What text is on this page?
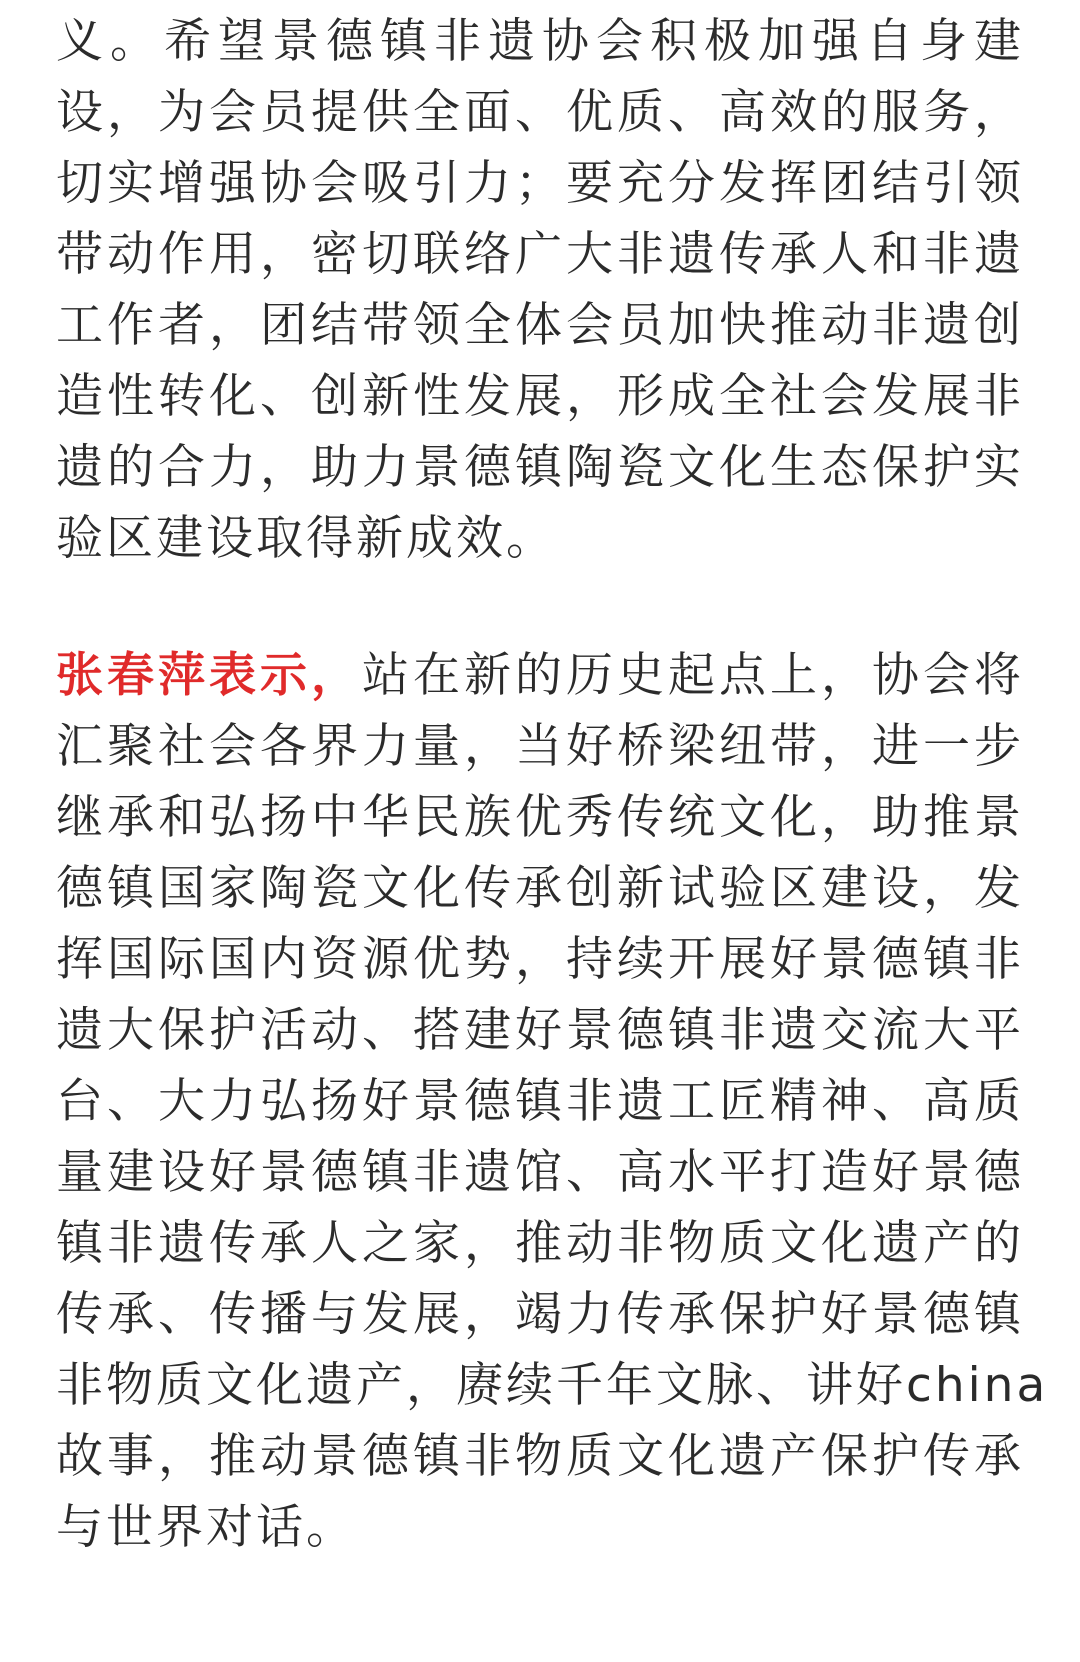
义。希望景德镇非遗协会积极加强自身建
设，为会员提供全面、优质、高效的服务，
切实增强协会吸引力；要充分发挥团结引领
带动作用，密切联络广大非遗传承人和非遗
工作者，团结带领全体会员加快推动非遗创
造性转化、创新性发展，形成全社会发展非
遗的合力，助力景德镇陶瓷文化生态保护实
验区建设取得新成效。
张春萍表示，站在新的历史起点上，协会将
汇聚社会各界力量，当好桥梁纽带，进一步
继承和弘扬中华民族优秀传统文化，助推景
德镇国家陶瓷文化传承创新试验区建设，发
挥国际国内资源优势，持续开展好景德镇非
遗大保护活动、搭建好景德镇非遗交流大平
台、大力弘扬好景德镇非遗工匠精神、高质
量建设好景德镇非遗馆、高水平打造好景德
镇非遗传承人之家，推动非物质文化遗产的
传承、传播与发展，竭力传承保护好景德镇
非物质文化遗产，赓续千年文脉、讲好china
故事，推动景德镇非物质文化遗产保护传承
与世界对话。
